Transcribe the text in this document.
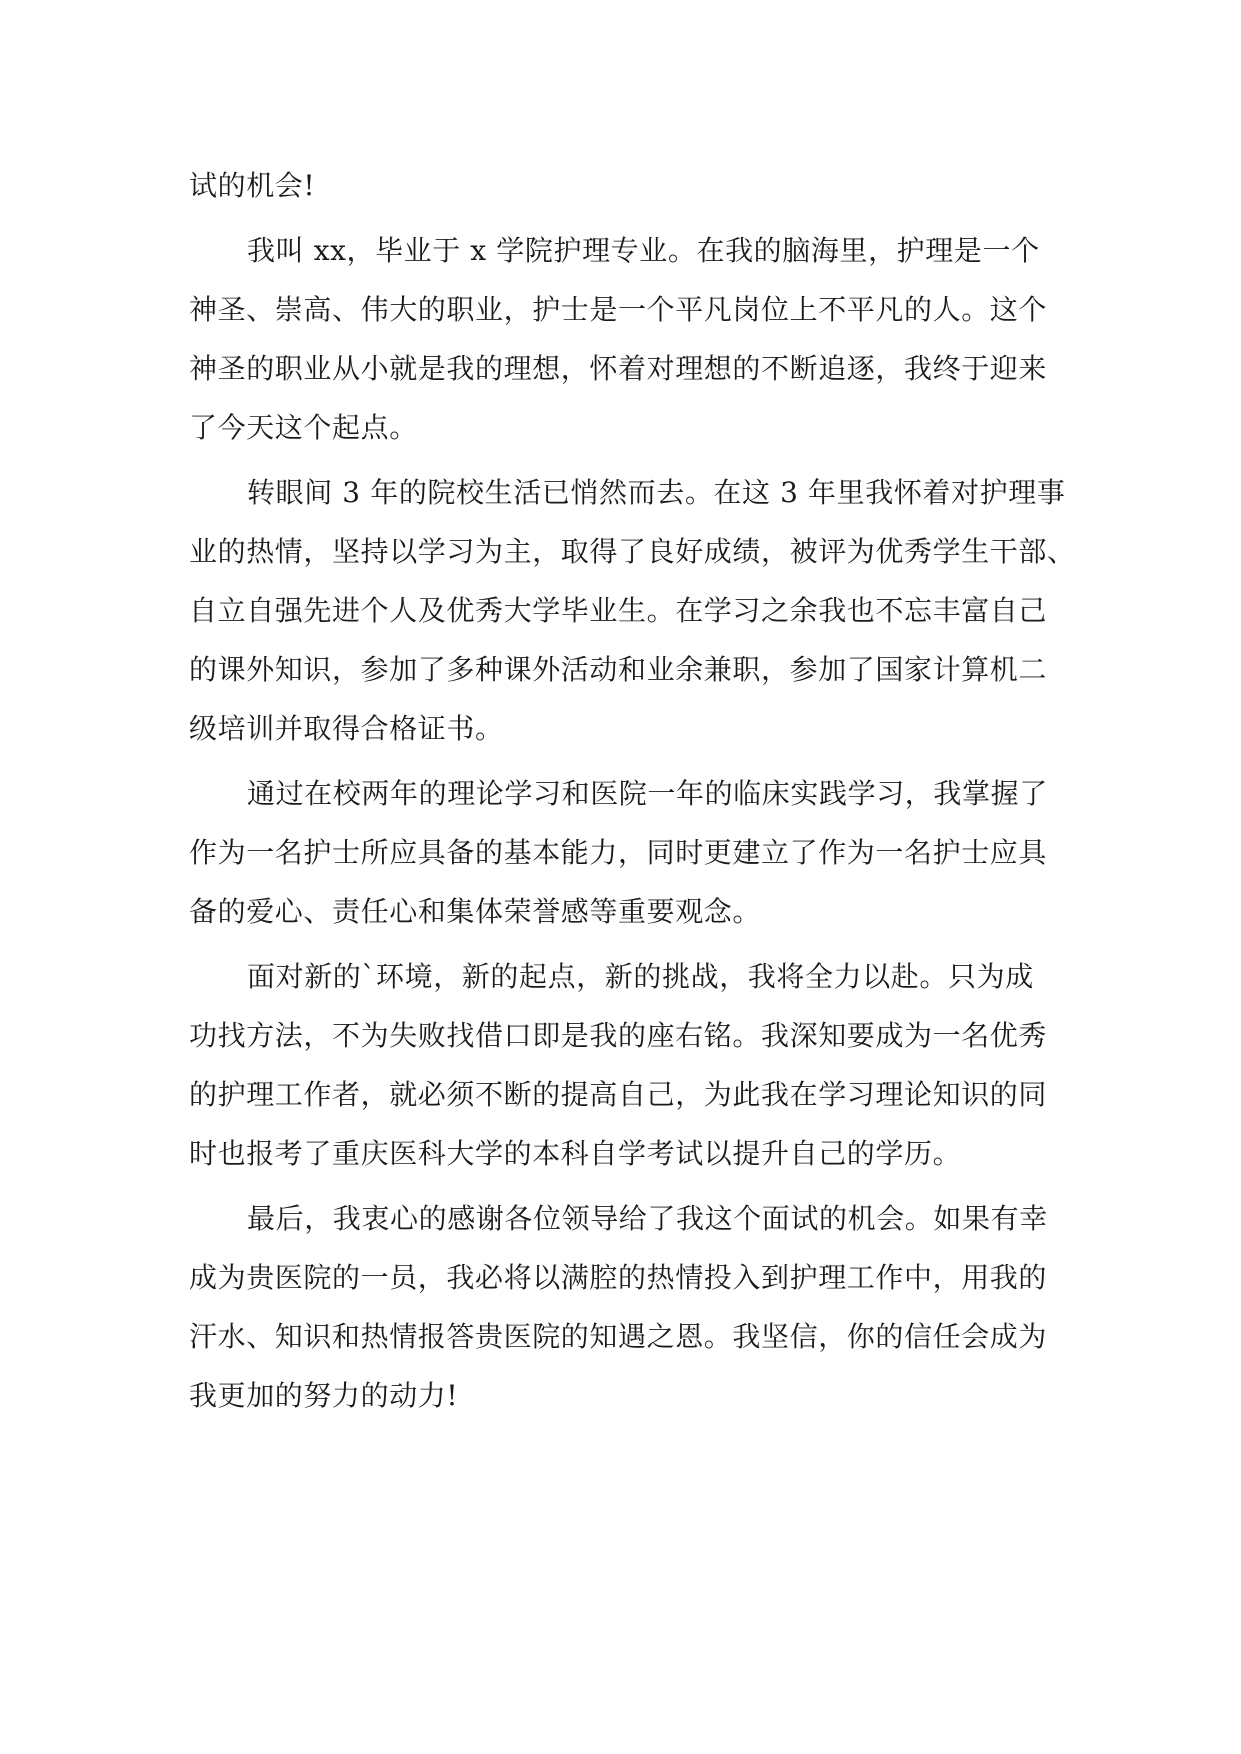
试的机会!
我叫 xx，毕业于 x 学院护理专业。在我的脑海里，护理是一个
神圣、崇高、伟大的职业，护士是一个平凡岗位上不平凡的人。这个
神圣的职业从小就是我的理想，怀着对理想的不断追逐，我终于迎来
了今天这个起点。
转眼间 3 年的院校生活已悄然而去。在这 3 年里我怀着对护理事
业的热情，坚持以学习为主，取得了良好成绩，被评为优秀学生干部、
自立自强先进个人及优秀大学毕业生。在学习之余我也不忘丰富自己
的课外知识，参加了多种课外活动和业余兼职，参加了国家计算机二
级培训并取得合格证书。
通过在校两年的理论学习和医院一年的临床实践学习，我掌握了
作为一名护士所应具备的基本能力，同时更建立了作为一名护士应具
备的爱心、责任心和集体荣誉感等重要观念。
面对新的`环境，新的起点，新的挑战，我将全力以赴。只为成
功找方法，不为失败找借口即是我的座右铭。我深知要成为一名优秀
的护理工作者，就必须不断的提高自己，为此我在学习理论知识的同
时也报考了重庆医科大学的本科自学考试以提升自己的学历。
最后，我衷心的感谢各位领导给了我这个面试的机会。如果有幸
成为贵医院的一员，我必将以满腔的热情投入到护理工作中，用我的
汗水、知识和热情报答贵医院的知遇之恩。我坚信，你的信任会成为
我更加的努力的动力!
